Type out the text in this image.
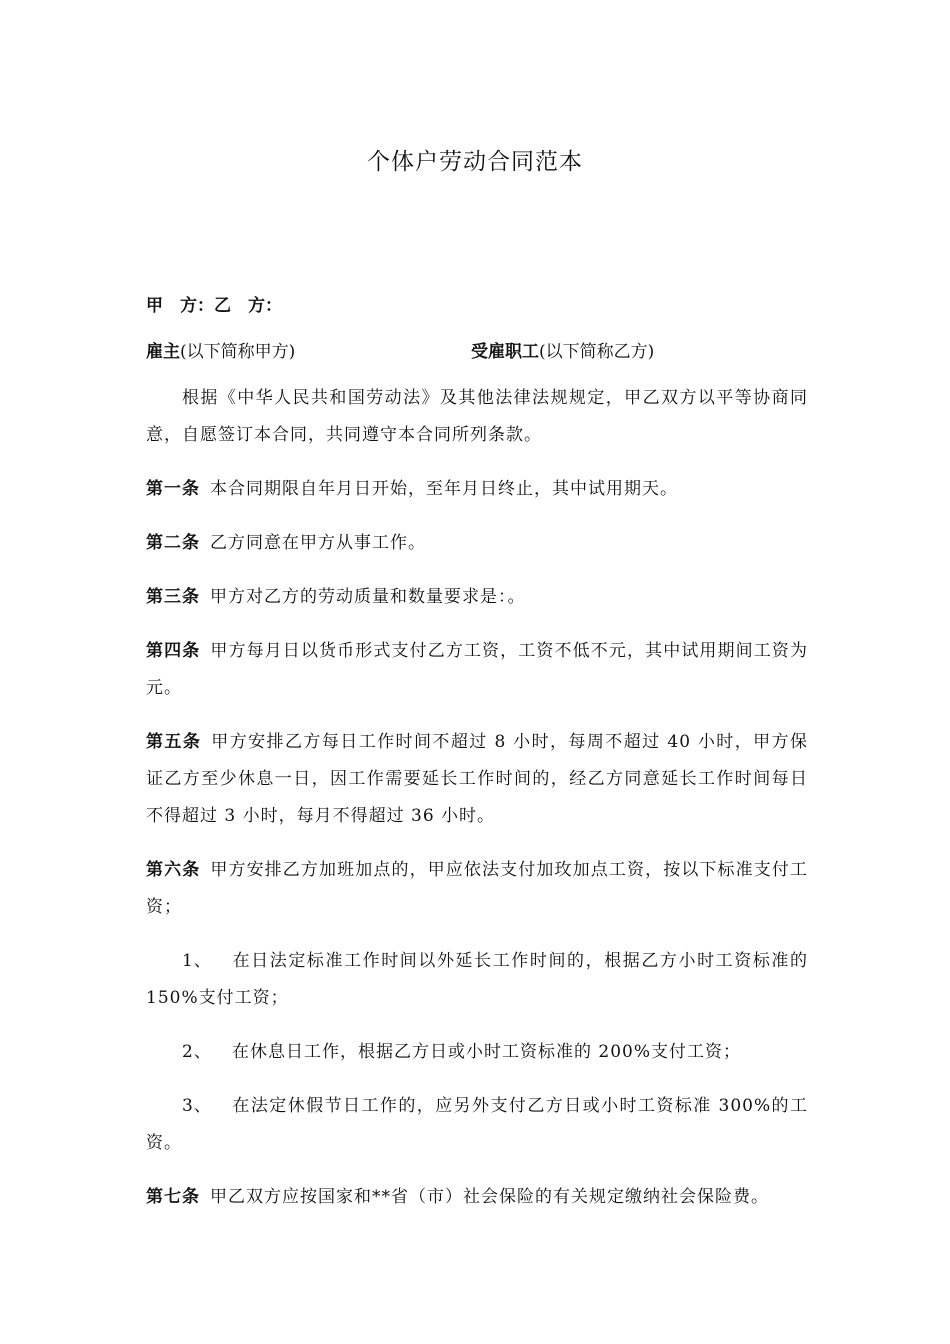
个体户劳动合同范本

甲　方：乙　方：

雇主(以下简称甲方)	受雇职工(以下简称乙方)

根据《中华人民共和国劳动法》及其他法律法规规定，甲乙双方以平等协商同意，自愿签订本合同，共同遵守本合同所列条款。

第一条 本合同期限自年月日开始，至年月日终止，其中试用期天。

第二条 乙方同意在甲方从事工作。

第三条 甲方对乙方的劳动质量和数量要求是：。

第四条 甲方每月日以货币形式支付乙方工资，工资不低不元，其中试用期间工资为元。

第五条 甲方安排乙方每日工作时间不超过 8 小时，每周不超过 40 小时，甲方保证乙方至少休息一日，因工作需要延长工作时间的，经乙方同意延长工作时间每日不得超过 3 小时，每月不得超过 36 小时。

第六条 甲方安排乙方加班加点的，甲应依法支付加玫加点工资，按以下标准支付工资；

1、 在日法定标准工作时间以外延长工作时间的，根据乙方小时工资标准的 150%支付工资；

2、 在休息日工作，根据乙方日或小时工资标准的 200%支付工资；

3、 在法定休假节日工作的，应另外支付乙方日或小时工资标准 300%的工资。

第七条 甲乙双方应按国家和**省（市）社会保险的有关规定缴纳社会保险费。
